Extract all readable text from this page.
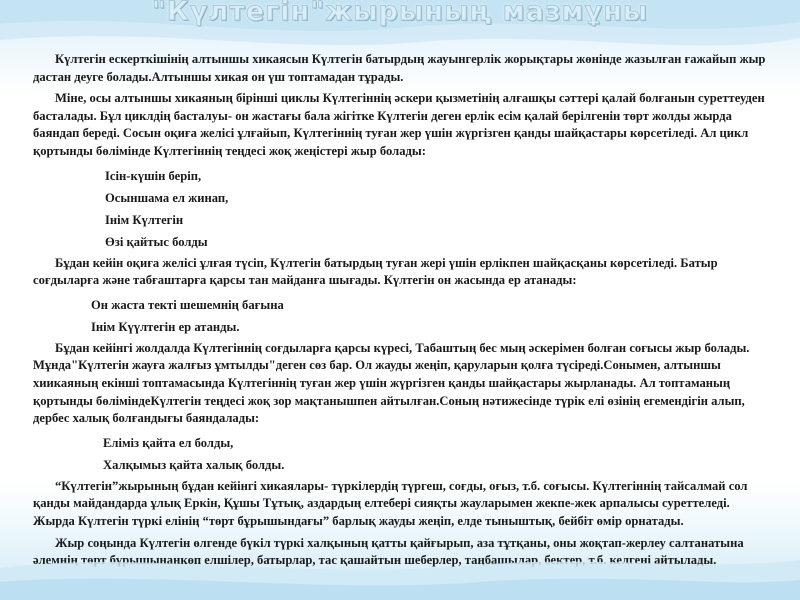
"Күлтегін"жырының мазмұны

Күлтегін ескерткішінің алтыншы хикаясын Күлтегін батырдың жауынгерлік жорықтары жөнінде жазылған ғажайып жыр дастан деуге болады.Алтыншы хикая он үш топтамадан тұрады.

Міне, осы алтыншы хикаяның бірінші циклы Күлтегіннің әскери қызметінің алғашқы сәттері қалай болғанын суреттеуден басталады. Бұл циклдің басталуы- он жастағы бала жігітке Күлтегін деген ерлік есім қалай берілгенін төрт жолды жырда баяндап береді. Сосын оқиға желісі ұлғайып, Күлтегіннің туған жер үшін жүргізген қанды шайқастары көрсетіледі. Ал цикл қортынды бөлімінде Күлтегіннің теңдесі жоқ жеңістері жыр болады:

Ісін-күшін беріп,
Осыншама ел жинап,
Інім Күлтегін
Өзі қайтыс болды

Бұдан кейін оқиға желісі ұлғая түсіп, Күлтегін батырдың туған жері үшін ерлікпен шайқасқаны көрсетіледі. Батыр соғдыларға және табғаштарға қарсы тан майданға шығады. Күлтегін он жасында ер атанады:

Он жаста тектi шешемнің бағына
Інім Күүлтегін ер атанды.

Бұдан кейінгі жолдалда Күлтегіннің соғдыларға қарсы күресі, Табаштың бес мың әскерімен болған соғысы жыр болады. Мұнда"Күлтегін жауға жалғыз ұмтылды"деген сөз бар. Ол жауды жеңіп, қаруларын қолға түсіреді.Сонымен, алтыншы хиикаяның екінші топтамасында Күлтегіннің туған жер үшін жүргізген қанды шайқастары жырланады. Ал топтаманың қортынды бөліміндеКүлтегін теңдесі жоқ зор мақтанышпен айтылған.Соның нәтижесінде түрік елі өзінің егемендігін алып, дербес халық болғандығы баяндалады:

Еліміз қайта ел болды,
Халқымыз қайта халық болды.

“Күлтегін”жырының бұдан кейінгі хикаялары- түркілердің түргеш, соғды, оғыз, т.б. соғысы. Күлтегіннің тайсалмай сол қанды майдандарда ұлық Еркін, Құшы Тұтық, аздардың елтебері сияқты жауларымен жекпе-жек арпалысы суреттеледі. Жырда Күлтегін түркі елінің “төрт бұрышындағы” барлық жауды жеңіп, елде тыныштық, бейбіт өмір орнатады.

Жыр соңында Күлтегін өлгенде бүкіл түркі халқының қатты қайғырып, аза тұтқаны, оны жоқтап-жерлеу салтанатына әлемнің төрт бұрышынанкөп елшілер, батырлар, тас қашайтын шеберлер, таңбашылар, бектер, т.б. келгені айтылады.
